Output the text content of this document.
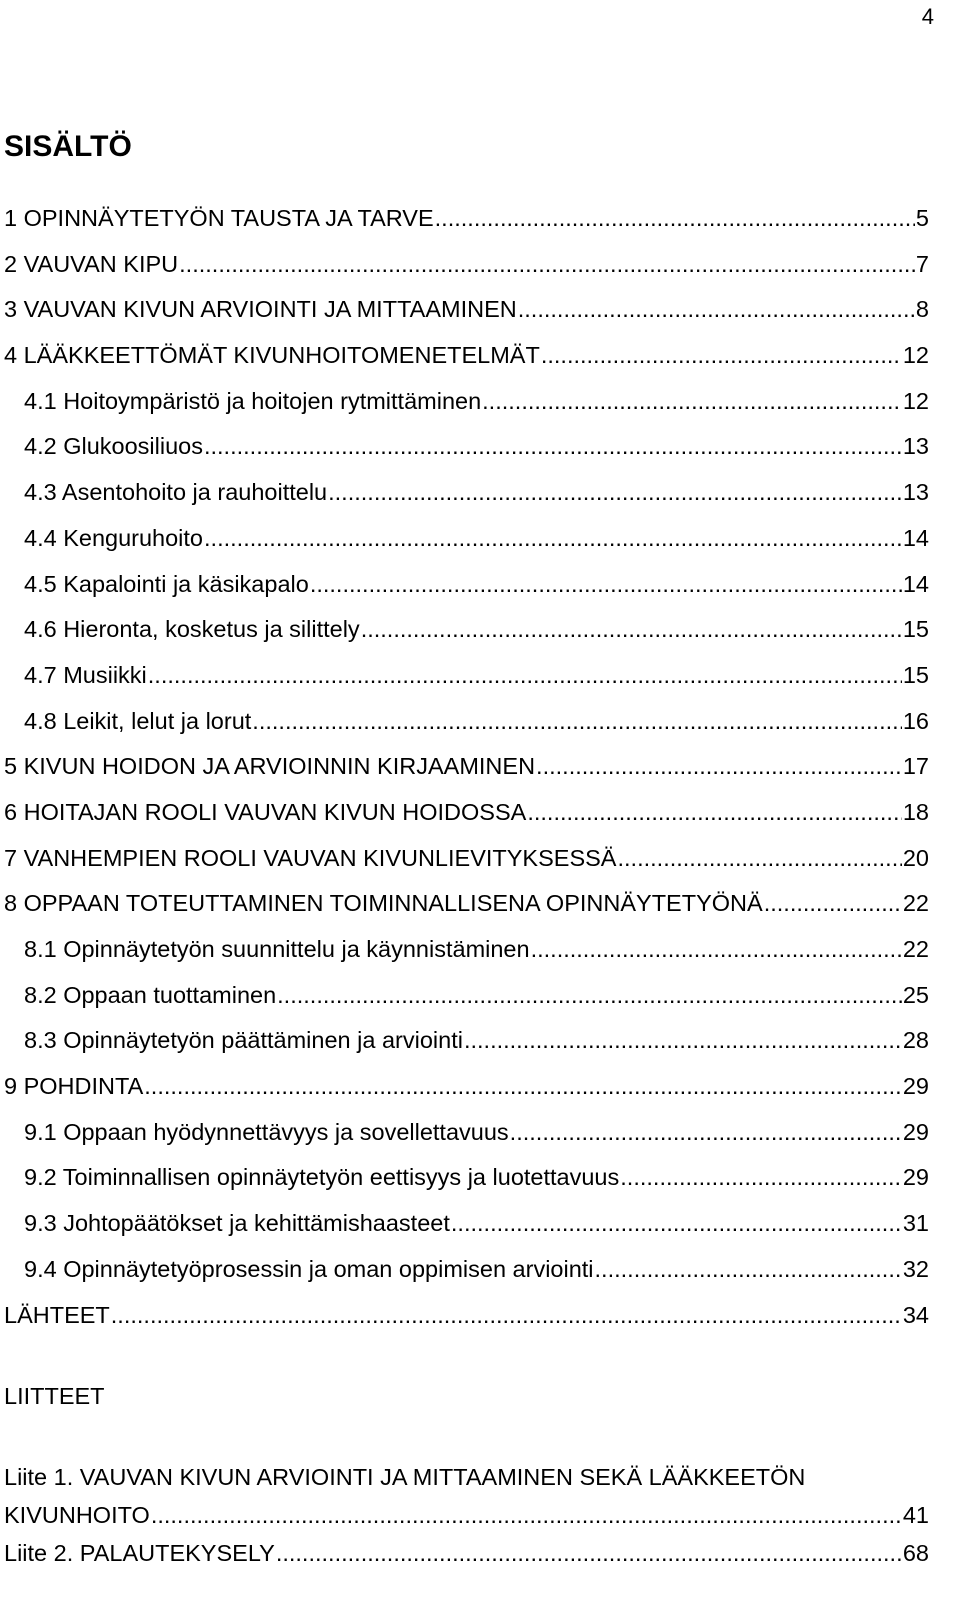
4
SISÄLTÖ
1 OPINNÄYTETYÖN TAUSTA JA TARVE .....	5
2 VAUVAN KIPU .....	7
3 VAUVAN KIVUN ARVIOINTI JA MITTAAMINEN .....	8
4 LÄÄKKEETTÖMÄT KIVUNHOITOMENETELMÄT .....	12
4.1 Hoitoympäristö ja hoitojen rytmittäminen .....	12
4.2 Glukoosiliuos .....	13
4.3 Asentohoito ja rauhoittelu .....	13
4.4 Kenguruhoito .....	14
4.5 Kapalointi ja käsikapalo .....	14
4.6 Hieronta, kosketus ja silittely .....	15
4.7 Musiikki .....	15
4.8 Leikit, lelut ja lorut .....	16
5 KIVUN HOIDON JA ARVIOINNIN KIRJAAMINEN .....	17
6 HOITAJAN ROOLI VAUVAN KIVUN HOIDOSSA .....	18
7 VANHEMPIEN ROOLI VAUVAN KIVUNLIEVITYKSESSÄ .....	20
8 OPPAAN TOTEUTTAMINEN TOIMINNALLISENA OPINNÄYTETYÖNÄ .....	22
8.1 Opinnäytetyön suunnittelu ja käynnistäminen .....	22
8.2 Oppaan tuottaminen .....	25
8.3 Opinnäytetyön päättäminen ja arviointi .....	28
9 POHDINTA .....	29
9.1 Oppaan hyödynnettävyys ja sovellettavuus .....	29
9.2 Toiminnallisen opinnäytetyön eettisyys ja luotettavuus .....	29
9.3 Johtopäätökset ja kehittämishaasteet .....	31
9.4 Opinnäytetyöprosessin ja oman oppimisen arviointi .....	32
LÄHTEET .....	34
LIITTEET
Liite 1. VAUVAN KIVUN ARVIOINTI JA MITTAAMINEN SEKÄ LÄÄKKEETÖN
KIVUNHOITO .....	41
Liite 2. PALAUTEKYSELY .....	68
